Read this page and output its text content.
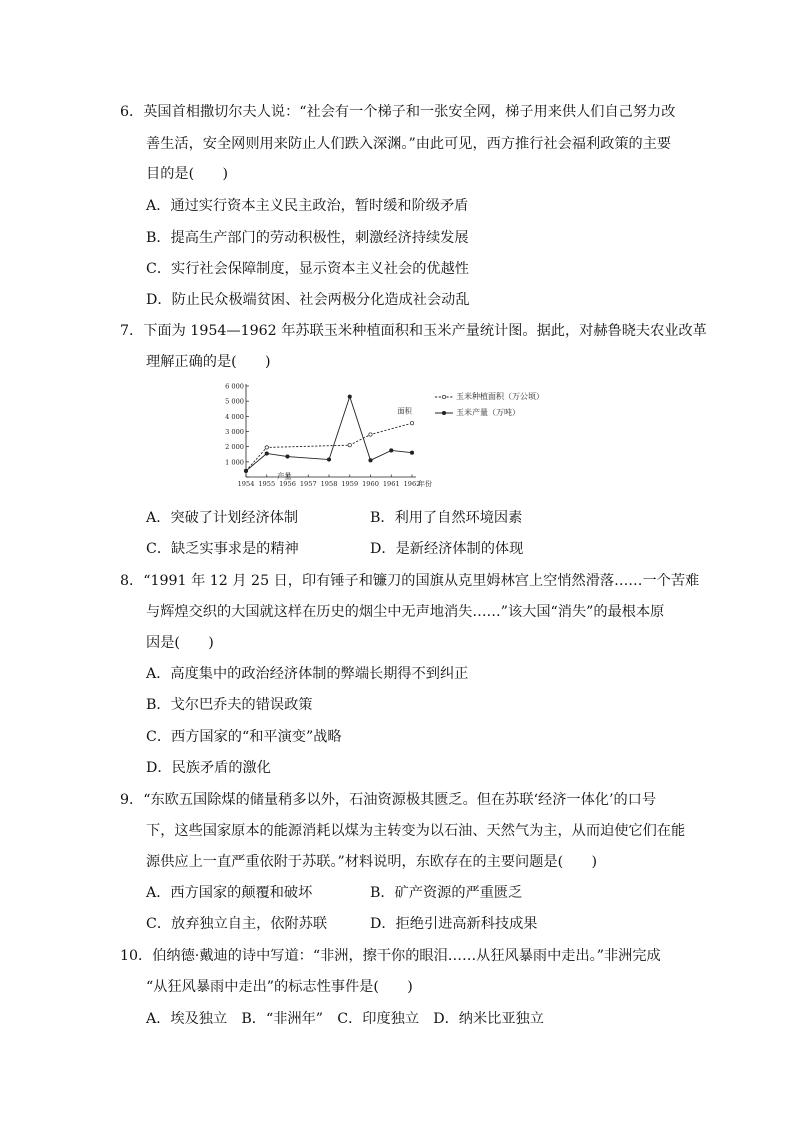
6．英国首相撒切尔夫人说：“社会有一个梯子和一张安全网，梯子用来供人们自己努力改
善生活，安全网则用来防止人们跌入深渊。”由此可见，西方推行社会福利政策的主要
目的是(　　)
A．通过实行资本主义民主政治，暂时缓和阶级矛盾
B．提高生产部门的劳动积极性，刺激经济持续发展
C．实行社会保障制度，显示资本主义社会的优越性
D．防止民众极端贫困、社会两极分化造成社会动乱
7．下面为 1954—1962 年苏联玉米种植面积和玉米产量统计图。据此，对赫鲁晓夫农业改革
理解正确的是(　　)
1 000
2 000
3 000
4 000
5 000
6 000
1954 1955 1956 1957 1958 1959 1960 1961 1962
年份
面积
产量
A．突破了计划经济体制	B．利用了自然环境因素
C．缺乏实事求是的精神	D．是新经济体制的体现
8．“1991 年 12 月 25 日，印有锤子和镰刀的国旗从克里姆林宫上空悄然滑落……一个苦难
与辉煌交织的大国就这样在历史的烟尘中无声地消失……”该大国“消失”的最根本原
因是(　　)
A．高度集中的政治经济体制的弊端长期得不到纠正
B．戈尔巴乔夫的错误政策
C．西方国家的“和平演变”战略
D．民族矛盾的激化
9．“东欧五国除煤的储量稍多以外，石油资源极其匮乏。但在苏联‘经济一体化’的口号
下，这些国家原本的能源消耗以煤为主转变为以石油、天然气为主，从而迫使它们在能
源供应上一直严重依附于苏联。”材料说明，东欧存在的主要问题是(　　)
A．西方国家的颠覆和破坏	B．矿产资源的严重匮乏
C．放弃独立自主，依附苏联	D．拒绝引进高新科技成果
10．伯纳德·戴迪的诗中写道：“非洲，擦干你的眼泪……从狂风暴雨中走出。”非洲完成
“从狂风暴雨中走出”的标志性事件是(　　)
A．埃及独立　B．“非洲年”　C．印度独立　D．纳米比亚独立
玉米种植面积（万公顷）
玉米产量（万吨）
